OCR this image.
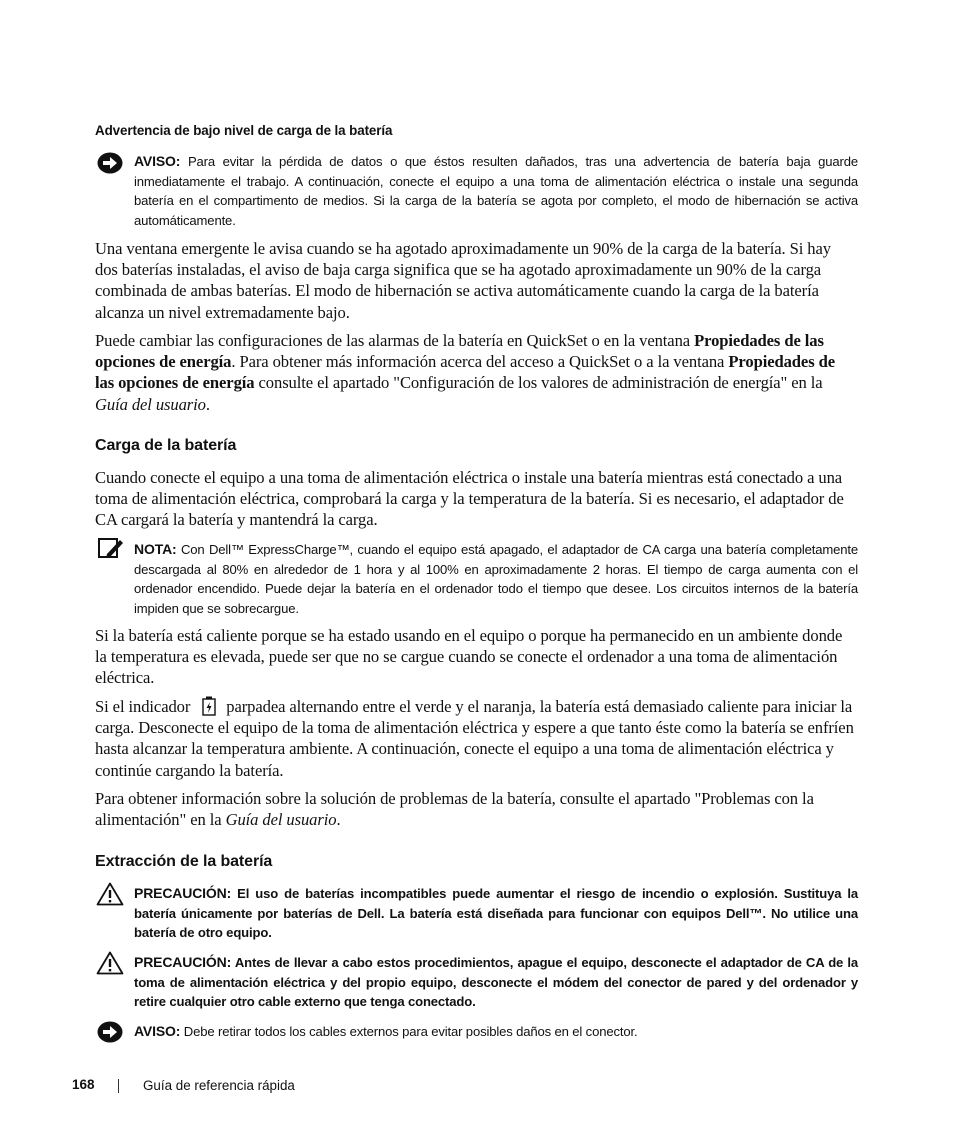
Advertencia de bajo nivel de carga de la batería
AVISO: Para evitar la pérdida de datos o que éstos resulten dañados, tras una advertencia de batería baja guarde inmediatamente el trabajo. A continuación, conecte el equipo a una toma de alimentación eléctrica o instale una segunda batería en el compartimento de medios. Si la carga de la batería se agota por completo, el modo de hibernación se activa automáticamente.
Una ventana emergente le avisa cuando se ha agotado aproximadamente un 90% de la carga de la batería. Si hay dos baterías instaladas, el aviso de baja carga significa que se ha agotado aproximadamente un 90% de la carga combinada de ambas baterías. El modo de hibernación se activa automáticamente cuando la carga de la batería alcanza un nivel extremadamente bajo.
Puede cambiar las configuraciones de las alarmas de la batería en QuickSet o en la ventana Propiedades de las opciones de energía. Para obtener más información acerca del acceso a QuickSet o a la ventana Propiedades de las opciones de energía consulte el apartado "Configuración de los valores de administración de energía" en la Guía del usuario.
Carga de la batería
Cuando conecte el equipo a una toma de alimentación eléctrica o instale una batería mientras está conectado a una toma de alimentación eléctrica, comprobará la carga y la temperatura de la batería. Si es necesario, el adaptador de CA cargará la batería y mantendrá la carga.
NOTA: Con Dell™ ExpressCharge™, cuando el equipo está apagado, el adaptador de CA carga una batería completamente descargada al 80% en alrededor de 1 hora y al 100% en aproximadamente 2 horas. El tiempo de carga aumenta con el ordenador encendido. Puede dejar la batería en el ordenador todo el tiempo que desee. Los circuitos internos de la batería impiden que se sobrecargue.
Si la batería está caliente porque se ha estado usando en el equipo o porque ha permanecido en un ambiente donde la temperatura es elevada, puede ser que no se cargue cuando se conecte el ordenador a una toma de alimentación eléctrica.
Si el indicador parpadea alternando entre el verde y el naranja, la batería está demasiado caliente para iniciar la carga. Desconecte el equipo de la toma de alimentación eléctrica y espere a que tanto éste como la batería se enfríen hasta alcanzar la temperatura ambiente. A continuación, conecte el equipo a una toma de alimentación eléctrica y continúe cargando la batería.
Para obtener información sobre la solución de problemas de la batería, consulte el apartado "Problemas con la alimentación" en la Guía del usuario.
Extracción de la batería
PRECAUCIÓN: El uso de baterías incompatibles puede aumentar el riesgo de incendio o explosión. Sustituya la batería únicamente por baterías de Dell. La batería está diseñada para funcionar con equipos Dell™. No utilice una batería de otro equipo.
PRECAUCIÓN: Antes de llevar a cabo estos procedimientos, apague el equipo, desconecte el adaptador de CA de la toma de alimentación eléctrica y del propio equipo, desconecte el módem del conector de pared y del ordenador y retire cualquier otro cable externo que tenga conectado.
AVISO: Debe retirar todos los cables externos para evitar posibles daños en el conector.
168	Guía de referencia rápida
